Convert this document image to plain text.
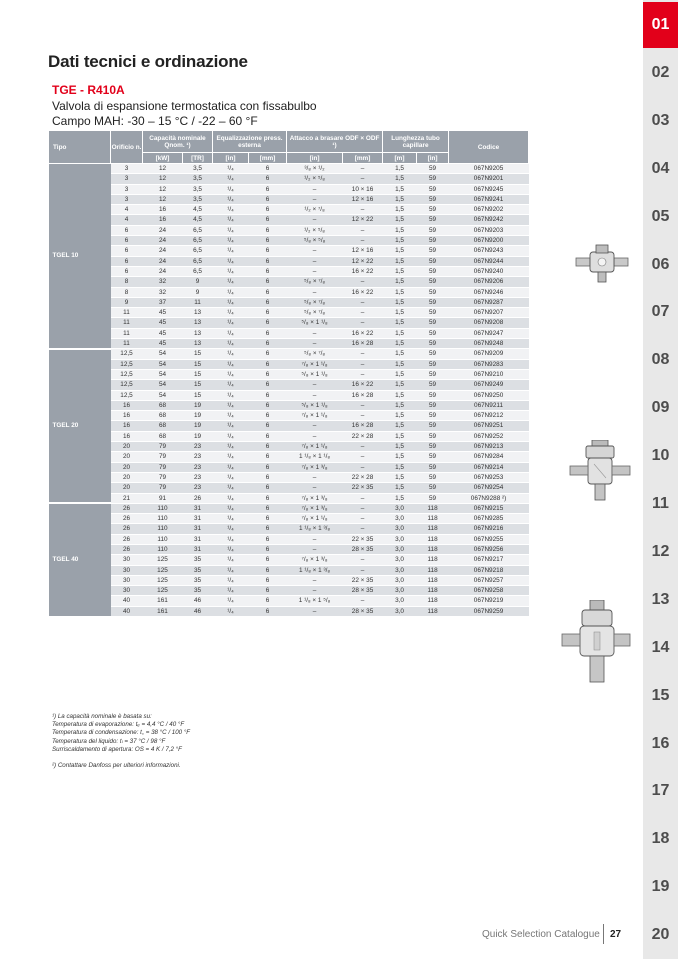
Dati tecnici e ordinazione
TGE - R410A
Valvola di espansione termostatica con fissabulbo
Campo MAH: -30 – 15 °C / -22 – 60 °F
Tipo	Orificio n.	Capacità nominale Qnom. ¹)		Equalizzazione press. esterna		Attacco a brasare ODF × ODF ¹)		Lunghezza tubo capillare		Codice
		[kW]	[TR]	[in]	[mm]	[in]	[mm]	[m]	[in]	
TGEL 10	3	12	3,5	¹/₄	6	³/₈ × ¹/₂	–	1,5	59	067N9205
	3	12	3,5	¹/₄	6	¹/₂ × ⁵/₈	–	1,5	59	067N9201
	3	12	3,5	¹/₄	6	–	10 × 16	1,5	59	067N9245
	3	12	3,5	¹/₄	6	–	12 × 16	1,5	59	067N9241
	4	16	4,5	¹/₄	6	¹/₂ × ⁷/₈	–	1,5	59	067N9202
	4	16	4,5	¹/₄	6	–	12 × 22	1,5	59	067N9242
	6	24	6,5	¹/₄	6	¹/₂ × ⁵/₈	–	1,5	59	067N9203
	6	24	6,5	¹/₄	6	⁵/₈ × ⁵/₈	–	1,5	59	067N9200
	6	24	6,5	¹/₄	6	–	12 × 16	1,5	59	067N9243
	6	24	6,5	¹/₄	6	–	12 × 22	1,5	59	067N9244
	6	24	6,5	¹/₄	6	–	16 × 22	1,5	59	067N9240
	8	32	9	¹/₄	6	⁵/₈ × ⁷/₈	–	1,5	59	067N9206
	8	32	9	¹/₄	6	–	16 × 22	1,5	59	067N9246
	9	37	11	¹/₄	6	⁵/₈ × ⁷/₈	–	1,5	59	067N9287
	11	45	13	¹/₄	6	⁵/₈ × ⁷/₈	–	1,5	59	067N9207
	11	45	13	¹/₄	6	⁵/₈ × 1 ¹/₈	–	1,5	59	067N9208
	11	45	13	¹/₄	6	–	16 × 22	1,5	59	067N9247
	11	45	13	¹/₄	6	–	16 × 28	1,5	59	067N9248
TGEL 20	12,5	54	15	¹/₄	6	⁵/₈ × ⁷/₈	–	1,5	59	067N9209
	12,5	54	15	¹/₄	6	⁷/₈ × 1 ¹/₈	–	1,5	59	067N9283
	12,5	54	15	¹/₄	6	⁵/₈ × 1 ¹/₈	–	1,5	59	067N9210
	12,5	54	15	¹/₄	6	–	16 × 22	1,5	59	067N9249
	12,5	54	15	¹/₄	6	–	16 × 28	1,5	59	067N9250
	16	68	19	¹/₄	6	⁵/₈ × 1 ¹/₈	–	1,5	59	067N9211
	16	68	19	¹/₄	6	⁷/₈ × 1 ¹/₈	–	1,5	59	067N9212
	16	68	19	¹/₄	6	–	16 × 28	1,5	59	067N9251
	16	68	19	¹/₄	6	–	22 × 28	1,5	59	067N9252
	20	79	23	¹/₄	6	⁷/₈ × 1 ¹/₈	–	1,5	59	067N9213
	20	79	23	¹/₄	6	1 ¹/₈ × 1 ¹/₈	–	1,5	59	067N9284
	20	79	23	¹/₄	6	⁷/₈ × 1 ³/₈	–	1,5	59	067N9214
	20	79	23	¹/₄	6	–	22 × 28	1,5	59	067N9253
	20	79	23	¹/₄	6	–	22 × 35	1,5	59	067N9254
	21	91	26	¹/₄	6	⁷/₈ × 1 ³/₈	–	1,5	59	067N9288 ²)
TGEL 40	26	110	31	¹/₄	6	⁷/₈ × 1 ³/₈	–	3,0	118	067N9215
	26	110	31	¹/₄	6	⁷/₈ × 1 ¹/₈	–	3,0	118	067N9285
	26	110	31	¹/₄	6	1 ¹/₈ × 1 ³/₈	–	3,0	118	067N9216
	26	110	31	¹/₄	6	–	22 × 35	3,0	118	067N9255
	26	110	31	¹/₄	6	–	28 × 35	3,0	118	067N9256
	30	125	35	¹/₄	6	⁷/₈ × 1 ³/₈	–	3,0	118	067N9217
	30	125	35	¹/₄	6	1 ¹/₈ × 1 ³/₈	–	3,0	118	067N9218
	30	125	35	¹/₄	6	–	22 × 35	3,0	118	067N9257
	30	125	35	¹/₄	6	–	28 × 35	3,0	118	067N9258
	40	161	46	¹/₄	6	1 ¹/₈ × 1 ⁵/₈	–	3,0	118	067N9219
	40	161	46	¹/₄	6	–	28 × 35	3,0	118	067N9259
¹) La capacità nominale è basata su:
Temperatura di evaporazione: tₑ = 4,4 °C / 40 °F
Temperatura di condensazione: t꜀ = 38 °C / 100 °F
Temperatura del liquido: tₗ = 37 °C / 98 °F
Surriscaldamento di apertura: OS = 4 K / 7,2 °F
²) Contattare Danfoss per ulteriori informazioni.
Quick Selection Catalogue 27
01
02
03
04
05
06
07
08
09
10
11
12
13
14
15
16
17
18
19
20
